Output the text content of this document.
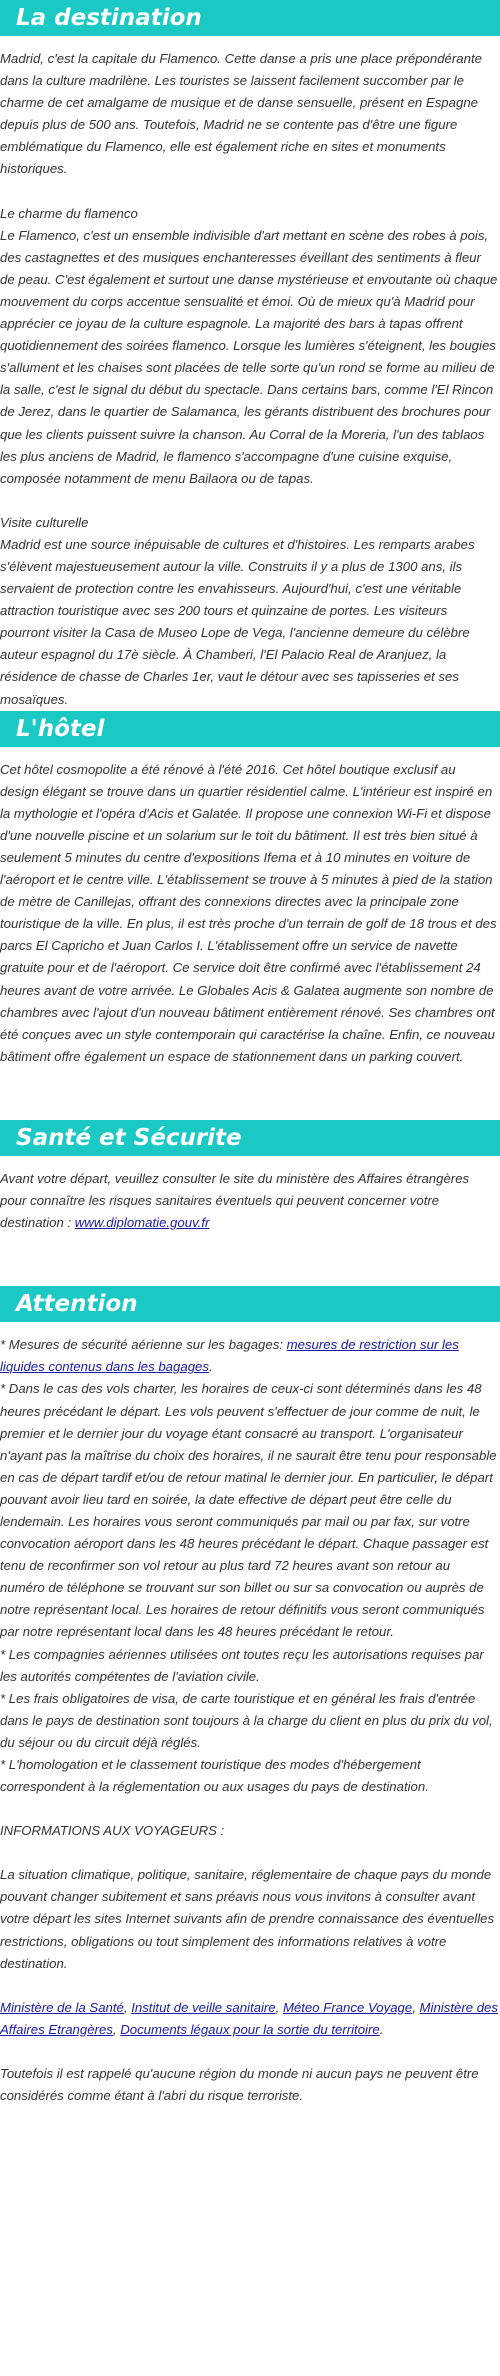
La destination

Madrid, c'est la capitale du Flamenco. Cette danse a pris une place prépondérante dans la culture madrilène. Les touristes se laissent facilement succomber par le charme de cet amalgame de musique et de danse sensuelle, présent en Espagne depuis plus de 500 ans. Toutefois, Madrid ne se contente pas d'être une figure emblématique du Flamenco, elle est également riche en sites et monuments historiques.

Le charme du flamenco

Le Flamenco, c'est un ensemble indivisible d'art mettant en scène des robes à pois, des castagnettes et des musiques enchanteresses éveillant des sentiments à fleur de peau. C'est également et surtout une danse mystérieuse et envoutante où chaque mouvement du corps accentue sensualité et émoi. Où de mieux qu'à Madrid pour apprécier ce joyau de la culture espagnole. La majorité des bars à tapas offrent quotidiennement des soirées flamenco. Lorsque les lumières s'éteignent, les bougies s'allument et les chaises sont placées de telle sorte qu'un rond se forme au milieu de la salle, c'est le signal du début du spectacle. Dans certains bars, comme l'El Rincon de Jerez, dans le quartier de Salamanca, les gérants distribuent des brochures pour que les clients puissent suivre la chanson. Au Corral de la Moreria, l'un des tablaos les plus anciens de Madrid, le flamenco s'accompagne d'une cuisine exquise, composée notamment de menu Bailaora ou de tapas.

Visite culturelle

Madrid est une source inépuisable de cultures et d'histoires. Les remparts arabes s'élèvent majestueusement autour la ville. Construits il y a plus de 1300 ans, ils servaient de protection contre les envahisseurs. Aujourd'hui, c'est une véritable attraction touristique avec ses 200 tours et quinzaine de portes. Les visiteurs pourront visiter la Casa de Museo Lope de Vega, l'ancienne demeure du célèbre auteur espagnol du 17è siècle. À Chamberi, l'El Palacio Real de Aranjuez, la résidence de chasse de Charles 1er, vaut le détour avec ses tapisseries et ses mosaïques.

L'hôtel

Cet hôtel cosmopolite a été rénové à l'été 2016. Cet hôtel boutique exclusif au design élégant se trouve dans un quartier résidentiel calme. L'intérieur est inspiré en la mythologie et l'opéra d'Acis et Galatée. Il propose une connexion Wi-Fi et dispose d'une nouvelle piscine et un solarium sur le toit du bâtiment. Il est très bien situé à seulement 5 minutes du centre d'expositions Ifema et à 10 minutes en voiture de l'aéroport et le centre ville. L'établissement se trouve à 5 minutes à pied de la station de mètre de Canillejas, offrant des connexions directes avec la principale zone touristique de la ville. En plus, il est très proche d'un terrain de golf de 18 trous et des parcs El Capricho et Juan Carlos I. L'établissement offre un service de navette gratuite pour et de l'aéroport. Ce service doit être confirmé avec l'établissement 24 heures avant de votre arrivée. Le Globales Acis & Galatea augmente son nombre de chambres avec l'ajout d'un nouveau bâtiment entièrement rénové. Ses chambres ont été conçues avec un style contemporain qui caractérise la chaîne. Enfin, ce nouveau bâtiment offre également un espace de stationnement dans un parking couvert.

Santé et Sécurite

Avant votre départ, veuillez consulter le site du ministère des Affaires étrangères pour connaître les risques sanitaires éventuels qui peuvent concerner votre destination : www.diplomatie.gouv.fr

Attention

* Mesures de sécurité aérienne sur les bagages: mesures de restriction sur les liquides contenus dans les bagages.

* Dans le cas des vols charter, les horaires de ceux-ci sont déterminés dans les 48 heures précédant le départ. Les vols peuvent s'effectuer de jour comme de nuit, le premier et le dernier jour du voyage étant consacré au transport. L'organisateur n'ayant pas la maîtrise du choix des horaires, il ne saurait être tenu pour responsable en cas de départ tardif et/ou de retour matinal le dernier jour. En particulier, le départ pouvant avoir lieu tard en soirée, la date effective de départ peut être celle du lendemain. Les horaires vous seront communiqués par mail ou par fax, sur votre convocation aéroport dans les 48 heures précédant le départ. Chaque passager est tenu de reconfirmer son vol retour au plus tard 72 heures avant son retour au numéro de téléphone se trouvant sur son billet ou sur sa convocation ou auprès de notre représentant local. Les horaires de retour définitifs vous seront communiqués par notre représentant local dans les 48 heures précédant le retour.

* Les compagnies aériennes utilisées ont toutes reçu les autorisations requises par les autorités compétentes de l'aviation civile.

* Les frais obligatoires de visa, de carte touristique et en général les frais d'entrée dans le pays de destination sont toujours à la charge du client en plus du prix du vol, du séjour ou du circuit déjà réglés.

* L'homologation et le classement touristique des modes d'hébergement correspondent à la réglementation ou aux usages du pays de destination.

INFORMATIONS AUX VOYAGEURS :

La situation climatique, politique, sanitaire, réglementaire de chaque pays du monde pouvant changer subitement et sans préavis nous vous invitons à consulter avant votre départ les sites Internet suivants afin de prendre connaissance des éventuelles restrictions, obligations ou tout simplement des informations relatives à votre destination.

Ministère de la Santé, Institut de veille sanitaire, Méteo France Voyage, Ministère des Affaires Etrangères, Documents légaux pour la sortie du territoire.

Toutefois il est rappelé qu'aucune région du monde ni aucun pays ne peuvent être considérés comme étant à l'abri du risque terroriste.
